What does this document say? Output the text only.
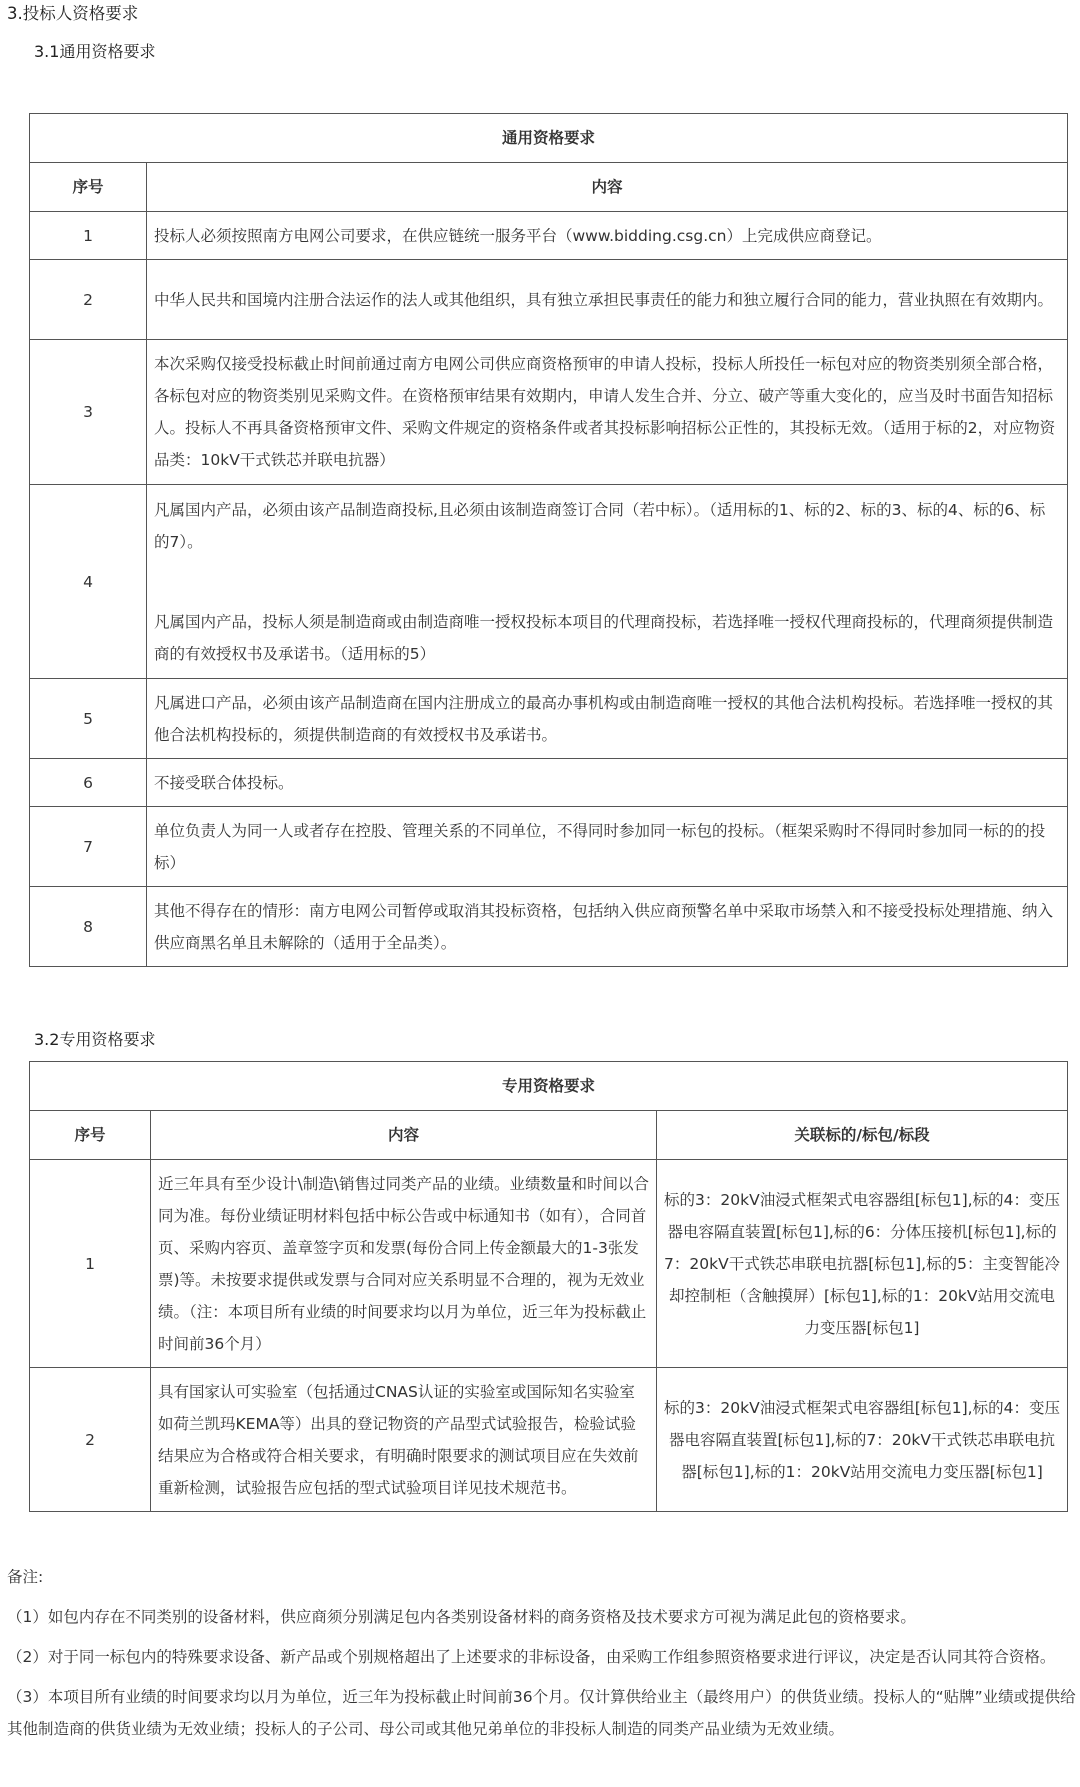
3.投标人资格要求
3.1通用资格要求
通用资格要求	
序号	内容
1	投标人必须按照南方电网公司要求，在供应链统一服务平台（www.bidding.csg.cn）上完成供应商登记。
2	中华人民共和国境内注册合法运作的法人或其他组织，具有独立承担民事责任的能力和独立履行合同的能力，营业执照在有效期内。
3	本次采购仅接受投标截止时间前通过南方电网公司供应商资格预审的申请人投标，投标人所投任一标包对应的物资类别须全部合格，各标包对应的物资类别见采购文件。在资格预审结果有效期内，申请人发生合并、分立、破产等重大变化的，应当及时书面告知招标人。投标人不再具备资格预审文件、采购文件规定的资格条件或者其投标影响招标公正性的，其投标无效。（适用于标的2，对应物资品类：10kV干式铁芯并联电抗器）
4	凡属国内产品，必须由该产品制造商投标,且必须由该制造商签订合同（若中标）。（适用标的1、标的2、标的3、标的4、标的6、标的7）。
凡属国内产品，投标人须是制造商或由制造商唯一授权投标本项目的代理商投标，若选择唯一授权代理商投标的，代理商须提供制造商的有效授权书及承诺书。（适用标的5）

5	凡属进口产品，必须由该产品制造商在国内注册成立的最高办事机构或由制造商唯一授权的其他合法机构投标。若选择唯一授权的其他合法机构投标的，须提供制造商的有效授权书及承诺书。
6	不接受联合体投标。
7	单位负责人为同一人或者存在控股、管理关系的不同单位，不得同时参加同一标包的投标。（框架采购时不得同时参加同一标的的投标）
8	其他不得存在的情形：南方电网公司暂停或取消其投标资格，包括纳入供应商预警名单中采取市场禁入和不接受投标处理措施、纳入供应商黑名单且未解除的（适用于全品类）。
3.2专用资格要求
专用资格要求		
序号	内容	关联标的/标包/标段
1	近三年具有至少设计\制造\销售过同类产品的业绩。业绩数量和时间以合同为准。每份业绩证明材料包括中标公告或中标通知书（如有），合同首页、采购内容页、盖章签字页和发票(每份合同上传金额最大的1-3张发票)等。未按要求提供或发票与合同对应关系明显不合理的，视为无效业绩。（注：本项目所有业绩的时间要求均以月为单位，近三年为投标截止时间前36个月）	标的3：20kV油浸式框架式电容器组[标包1],标的4：变压器电容隔直装置[标包1],标的6：分体压接机[标包1],标的7：20kV干式铁芯串联电抗器[标包1],标的5：主变智能冷却控制柜（含触摸屏）[标包1],标的1：20kV站用交流电力变压器[标包1]
2	具有国家认可实验室（包括通过CNAS认证的实验室或国际知名实验室如荷兰凯玛KEMA等）出具的登记物资的产品型式试验报告，检验试验结果应为合格或符合相关要求，有明确时限要求的测试项目应在失效前重新检测，试验报告应包括的型式试验项目详见技术规范书。	标的3：20kV油浸式框架式电容器组[标包1],标的4：变压器电容隔直装置[标包1],标的7：20kV干式铁芯串联电抗器[标包1],标的1：20kV站用交流电力变压器[标包1]

备注:

（1）如包内存在不同类别的设备材料，供应商须分别满足包内各类别设备材料的商务资格及技术要求方可视为满足此包的资格要求。

（2）对于同一标包内的特殊要求设备、新产品或个别规格超出了上述要求的非标设备，由采购工作组参照资格要求进行评议，决定是否认同其符合资格。

（3）本项目所有业绩的时间要求均以月为单位，近三年为投标截止时间前36个月。仅计算供给业主（最终用户）的供货业绩。投标人的“贴牌”业绩或提供给其他制造商的供货业绩为无效业绩；投标人的子公司、母公司或其他兄弟单位的非投标人制造的同类产品业绩为无效业绩。
